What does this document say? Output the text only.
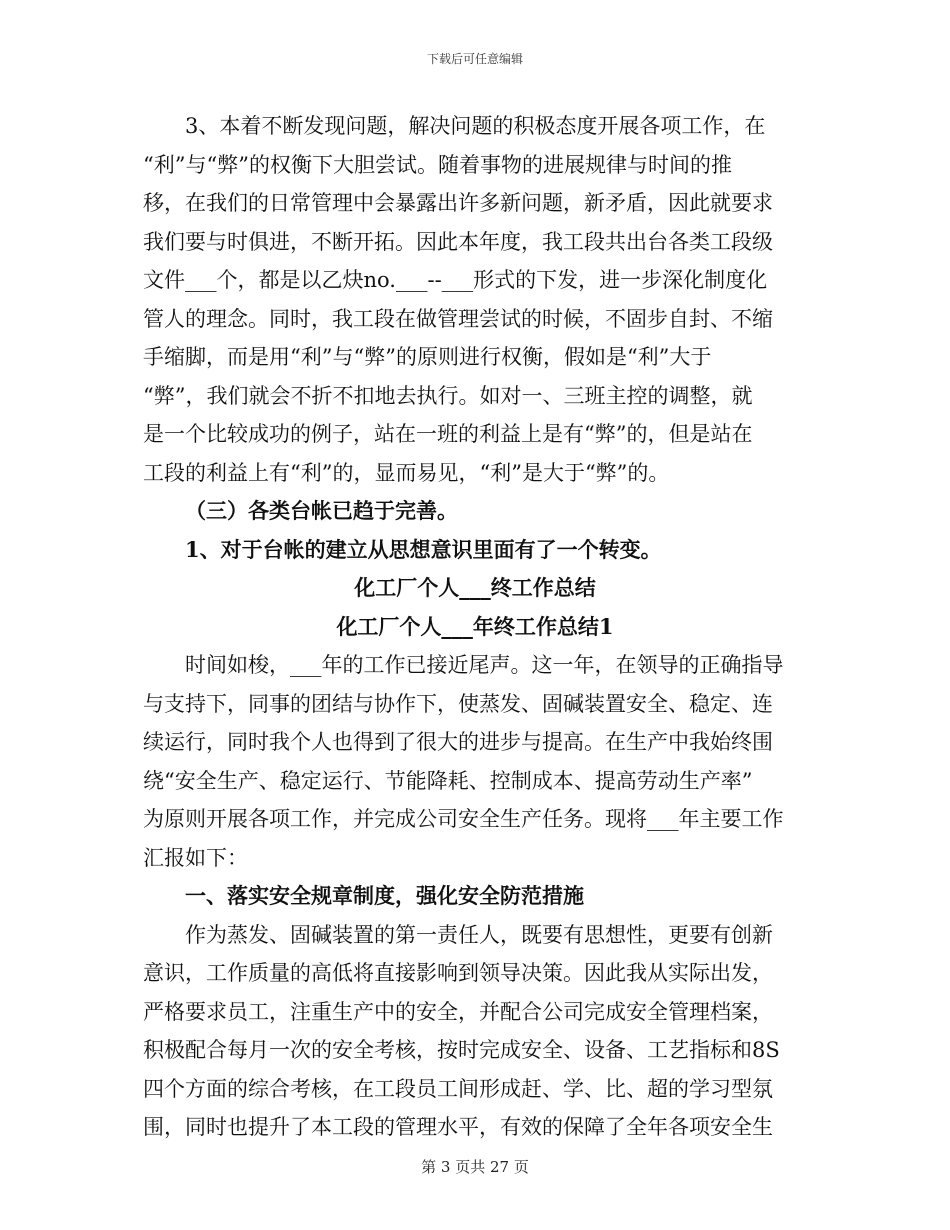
下载后可任意编辑
3、本着不断发现问题，解决问题的积极态度开展各项工作，在
“利”与“弊”的权衡下大胆尝试。随着事物的进展规律与时间的推
移，在我们的日常管理中会暴露出许多新问题，新矛盾，因此就要求
我们要与时俱进，不断开拓。因此本年度，我工段共出台各类工段级
文件___个，都是以乙炔no.___--___形式的下发，进一步深化制度化
管人的理念。同时，我工段在做管理尝试的时候，不固步自封、不缩
手缩脚，而是用“利”与“弊”的原则进行权衡，假如是“利”大于
“弊”，我们就会不折不扣地去执行。如对一、三班主控的调整，就
是一个比较成功的例子，站在一班的利益上是有“弊”的，但是站在
工段的利益上有“利”的，显而易见，“利”是大于“弊”的。
（三）各类台帐已趋于完善。
1、对于台帐的建立从思想意识里面有了一个转变。
化工厂个人___终工作总结
化工厂个人___年终工作总结1
时间如梭，___年的工作已接近尾声。这一年，在领导的正确指导
与支持下，同事的团结与协作下，使蒸发、固碱装置安全、稳定、连
续运行，同时我个人也得到了很大的进步与提高。在生产中我始终围
绕“安全生产、稳定运行、节能降耗、控制成本、提高劳动生产率”
为原则开展各项工作，并完成公司安全生产任务。现将___年主要工作
汇报如下：
一、落实安全规章制度，强化安全防范措施
作为蒸发、固碱装置的第一责任人，既要有思想性，更要有创新
意识，工作质量的高低将直接影响到领导决策。因此我从实际出发，
严格要求员工，注重生产中的安全，并配合公司完成安全管理档案，
积极配合每月一次的安全考核，按时完成安全、设备、工艺指标和8S
四个方面的综合考核，在工段员工间形成赶、学、比、超的学习型氛
围，同时也提升了本工段的管理水平，有效的保障了全年各项安全生
第 3 页共 27 页
